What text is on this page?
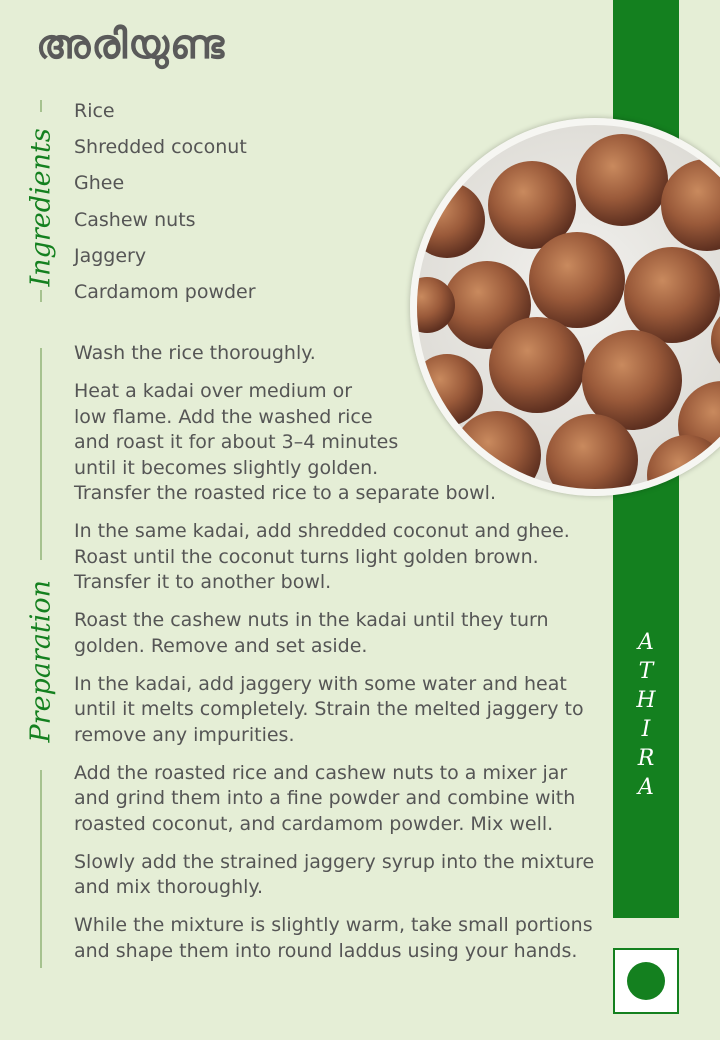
അരിയുണ്ട
A
T
H
I
R
A
Ingredients
Rice
Shredded coconut
Ghee
Cashew nuts
Jaggery
Cardamom powder
Preparation

Wash the rice thoroughly.

Heat a kadai over medium or
low flame. Add the washed rice
and roast it for about 3–4 minutes
until it becomes slightly golden.
Transfer the roasted rice to a separate bowl.

In the same kadai, add shredded coconut and ghee.
Roast until the coconut turns light golden brown.
Transfer it to another bowl.

Roast the cashew nuts in the kadai until they turn
golden. Remove and set aside.

In the kadai, add jaggery with some water and heat
until it melts completely. Strain the melted jaggery to
remove any impurities.

Add the roasted rice and cashew nuts to a mixer jar
and grind them into a fine powder and combine with
roasted coconut, and cardamom powder. Mix well.

Slowly add the strained jaggery syrup into the mixture
and mix thoroughly.

While the mixture is slightly warm, take small portions
and shape them into round laddus using your hands.
